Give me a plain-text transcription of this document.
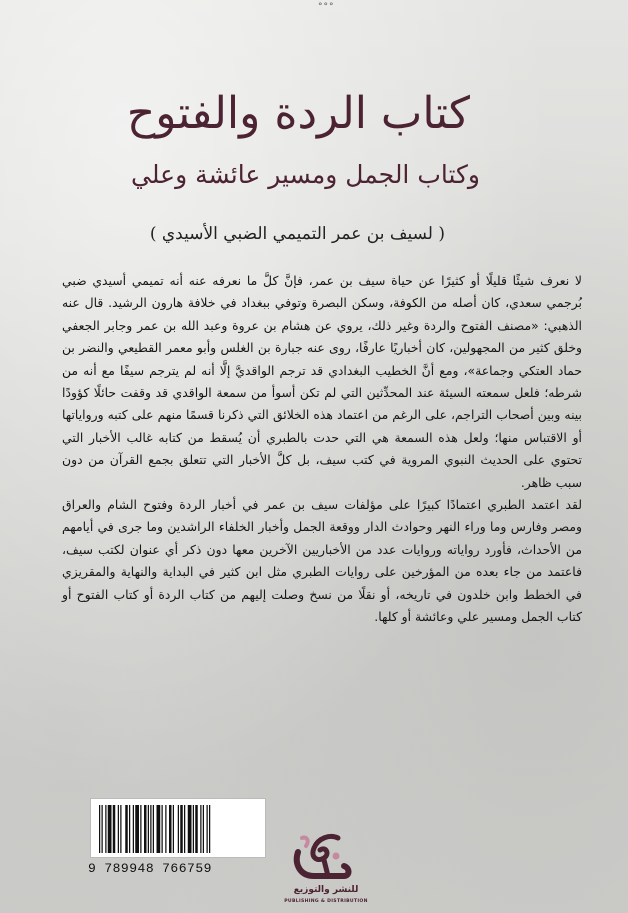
°°°
كتاب الردة والفتوح
وكتاب الجمل ومسير عائشة وعلي
( لسيف بن عمر التميمي الضبي الأسيدي )

لا نعرف شيئًا قليلًا أو كثيرًا عن حياة سيف بن عمر، فإنَّ كلَّ ما نعرفه عنه أنه تميمي أسيدي ضبي بُرجمي سعدي، كان أصله من الكوفة، وسكن البصرة وتوفي ببغداد في خلافة هارون الرشيد. قال عنه الذهبي: «مصنف الفتوح والردة وغير ذلك، يروي عن هشام بن عروة وعبد الله بن عمر وجابر الجعفي وخلق كثير من المجهولين، كان أخباريًا عارفًا، روى عنه جبارة بن الغلس وأبو معمر القطيعي والنضر بن حماد العتكي وجماعة»، ومع أنَّ الخطيب البغدادي قد ترجم الواقديَّ إلَّا أنه لم يترجم سيفًا مع أنه من شرطه؛ فلعل سمعته السيئة عند المحدِّثين التي لم تكن أسوأ من سمعة الواقدي قد وقفت حائلًا كؤودًا بينه وبين أصحاب التراجم، على الرغم من اعتماد هذه الخلائق التي ذكرنا قسمًا منهم على كتبه ورواياتها أو الاقتباس منها؛ ولعل هذه السمعة هي التي حدت بالطبري أن يُسقط من كتابه غالب الأخبار التي تحتوي على الحديث النبوي المروية في كتب سيف، بل كلَّ الأخبار التي تتعلق بجمع القرآن من دون سبب ظاهر.

لقد اعتمد الطبري اعتمادًا كبيرًا على مؤلفات سيف بن عمر في أخبار الردة وفتوح الشام والعراق ومصر وفارس وما وراء النهر وحوادث الدار ووقعة الجمل وأخبار الخلفاء الراشدين وما جرى في أيامهم من الأحداث، فأورد رواياته وروايات عدد من الأخباريين الآخرين معها دون ذكر أي عنوان لكتب سيف، فاعتمد من جاء بعده من المؤرخين على روايات الطبري مثل ابن كثير في البداية والنهاية والمقريزي في الخطط وابن خلدون في تاريخه، أو نقلًا من نسخ وصلت إليهم من كتاب الردة أو كتاب الفتوح أو كتاب الجمل ومسير علي وعائشة أو كلها.

9 789948 766759
للنشر والتوزيع
PUBLISHING & DISTRIBUTION
